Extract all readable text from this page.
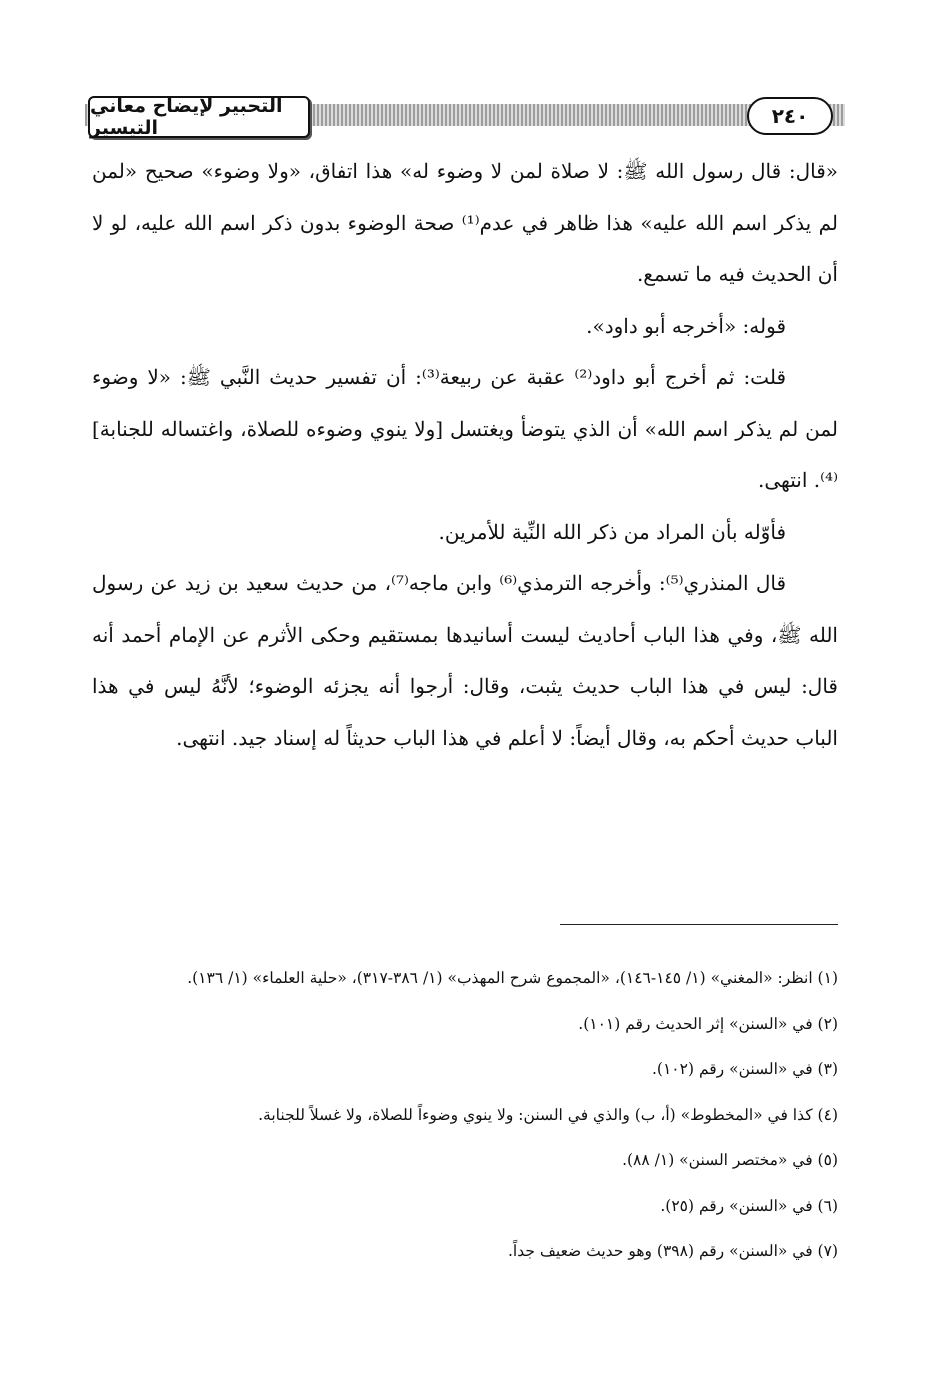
التحبير لإيضاح معاني التيسير	٢٤٠

«قال: قال رسول الله ﷺ: لا صلاة لمن لا وضوء له» هذا اتفاق، «ولا وضوء» صحيح «لمن لم يذكر اسم الله عليه» هذا ظاهر في عدم⁽¹⁾ صحة الوضوء بدون ذكر اسم الله عليه، لو لا أن الحديث فيه ما تسمع.

قوله: «أخرجه أبو داود».

قلت: ثم أخرج أبو داود⁽²⁾ عقبة عن ربيعة⁽³⁾: أن تفسير حديث النَّبي ﷺ: «لا وضوء لمن لم يذكر اسم الله» أن الذي يتوضأ ويغتسل [ولا ينوي وضوءه للصلاة، واغتساله للجنابة]⁽⁴⁾. انتهى.

فأوّله بأن المراد من ذكر الله النِّية للأمرين.

قال المنذري⁽⁵⁾: وأخرجه الترمذي⁽⁶⁾ وابن ماجه⁽⁷⁾، من حديث سعيد بن زيد عن رسول الله ﷺ، وفي هذا الباب أحاديث ليست أسانيدها بمستقيم وحكى الأثرم عن الإمام أحمد أنه قال: ليس في هذا الباب حديث يثبت، وقال: أرجوا أنه يجزئه الوضوء؛ لأنَّهُ ليس في هذا الباب حديث أحكم به، وقال أيضاً: لا أعلم في هذا الباب حديثاً له إسناد جيد. انتهى.

(١) انظر: «المغني» (١/ ١٤٥-١٤٦)، «المجموع شرح المهذب» (١/ ٣٨٦-٣١٧)، «حلية العلماء» (١/ ١٣٦).

(٢) في «السنن» إثر الحديث رقم (١٠١).

(٣) في «السنن» رقم (١٠٢).

(٤) كذا في «المخطوط» (أ، ب) والذي في السنن: ولا ينوي وضوءاً للصلاة، ولا غسلاً للجنابة.

(٥) في «مختصر السنن» (١/ ٨٨).

(٦) في «السنن» رقم (٢٥).

(٧) في «السنن» رقم (٣٩٨) وهو حديث ضعيف جداً.
